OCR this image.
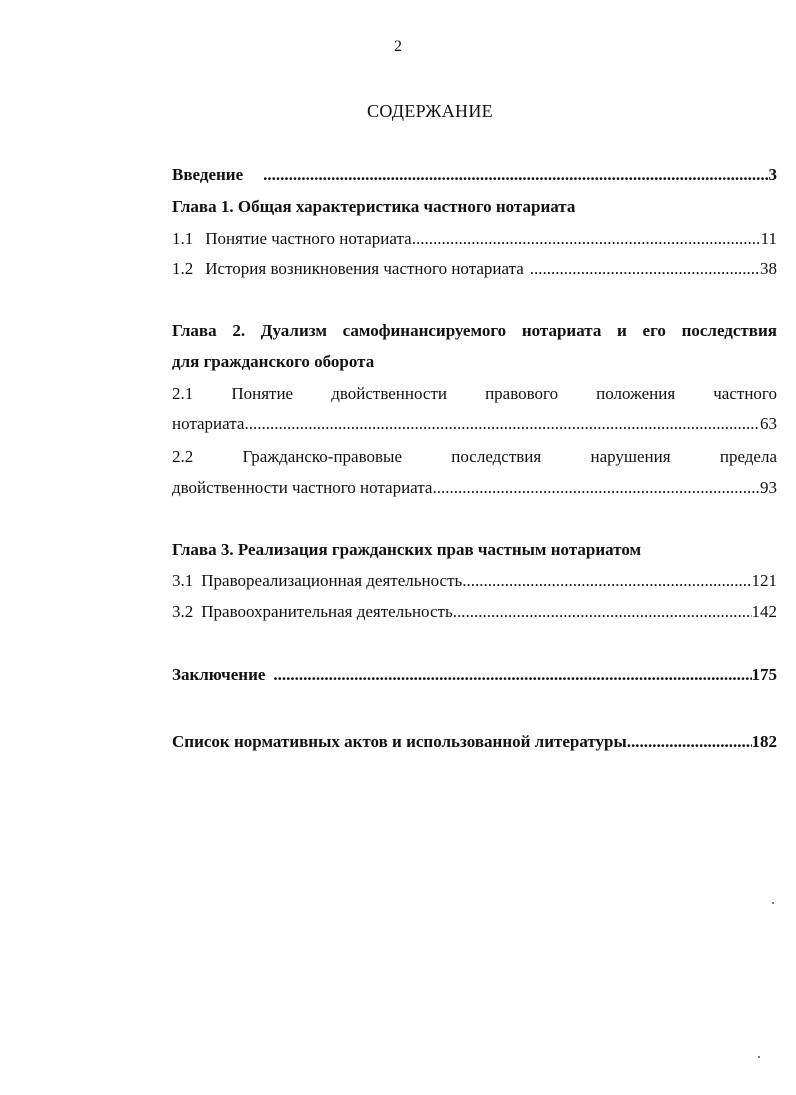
2
СОДЕРЖАНИЕ
Введение .....	3
Глава 1. Общая характеристика частного нотариата
1.1 Понятие частного нотариата .....	11
1.2 История возникновения частного нотариата .....	38
Глава 2. Дуализм самофинансируемого нотариата и его последствия
для гражданского оборота
2.1 Понятие двойственности правового положения частного
нотариата .....	63
2.2	Гражданско-правовые	последствия	нарушения	предела
двойственности частного нотариата .....	93
Глава 3. Реализация гражданских прав частным нотариатом
3.1 Правореализационная деятельность .....	121
3.2 Правоохранительная деятельность .....	142
Заключение .....	175
Список нормативных актов и использованной литературы .....	182
